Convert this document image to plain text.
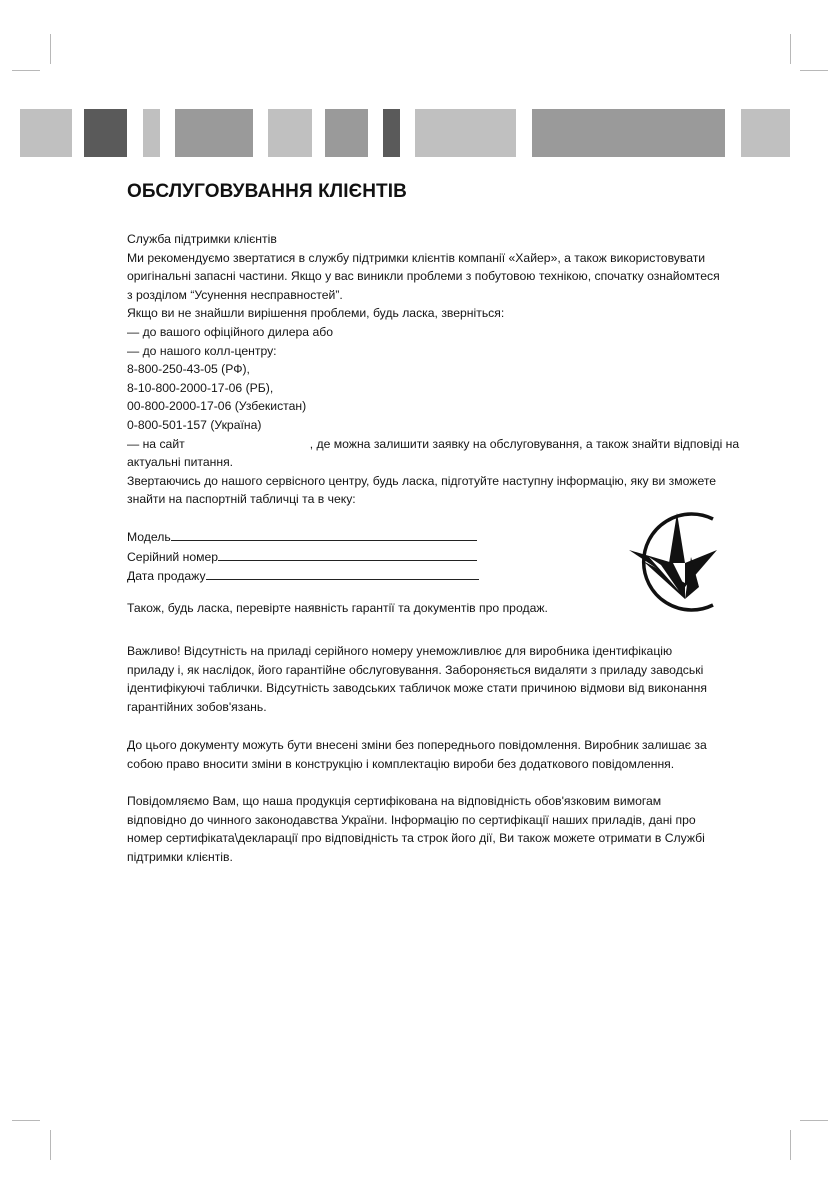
ОБСЛУГОВУВАННЯ КЛІЄНТІВ
Служба підтримки клієнтів
Ми рекомендуємо звертатися в службу підтримки клієнтів компанії «Хайер», а також використовувати
оригінальні запасні частини. Якщо у вас виникли проблеми з побутовою технікою, спочатку ознайомтеся
з розділом “Усунення несправностей”.
Якщо ви не знайшли вирішення проблеми, будь ласка, зверніться:
— до вашого офіційного дилера або
— до нашого колл-центру:
8-800-250-43-05 (РФ),
8-10-800-2000-17-06 (РБ),
00-800-2000-17-06 (Узбекистан)
0-800-501-157 (Україна)
— на сайт	, де можна залишити заявку на обслуговування, а також знайти відповіді на
актуальні питання.
Звертаючись до нашого сервісного центру, будь ласка, підготуйте наступну інформацію, яку ви зможете
знайти на паспортній табличці та в чеку:
Модель
Серійний номер
Дата продажу
Також, будь ласка, перевірте наявність гарантії та документів про продаж.
Важливо! Відсутність на приладі серійного номеру унеможливлює для виробника ідентифікацію
приладу і, як наслідок, його гарантійне обслуговування. Забороняється видаляти з приладу заводські
ідентифікуючі таблички. Відсутність заводських табличок може стати причиною відмови від виконання
гарантійних зобов'язань.
До цього документу можуть бути внесені зміни без попереднього повідомлення. Виробник залишає за
собою право вносити зміни в конструкцію і комплектацію вироби без додаткового повідомлення.
Повідомляємо Вам, що наша продукція сертифікована на відповідність обов'язковим вимогам
відповідно до чинного законодавства України. Інформацію по сертифікації наших приладів, дані про
номер сертифіката\декларації про відповідність та строк його дії, Ви також можете отримати в Службі
підтримки клієнтів.
